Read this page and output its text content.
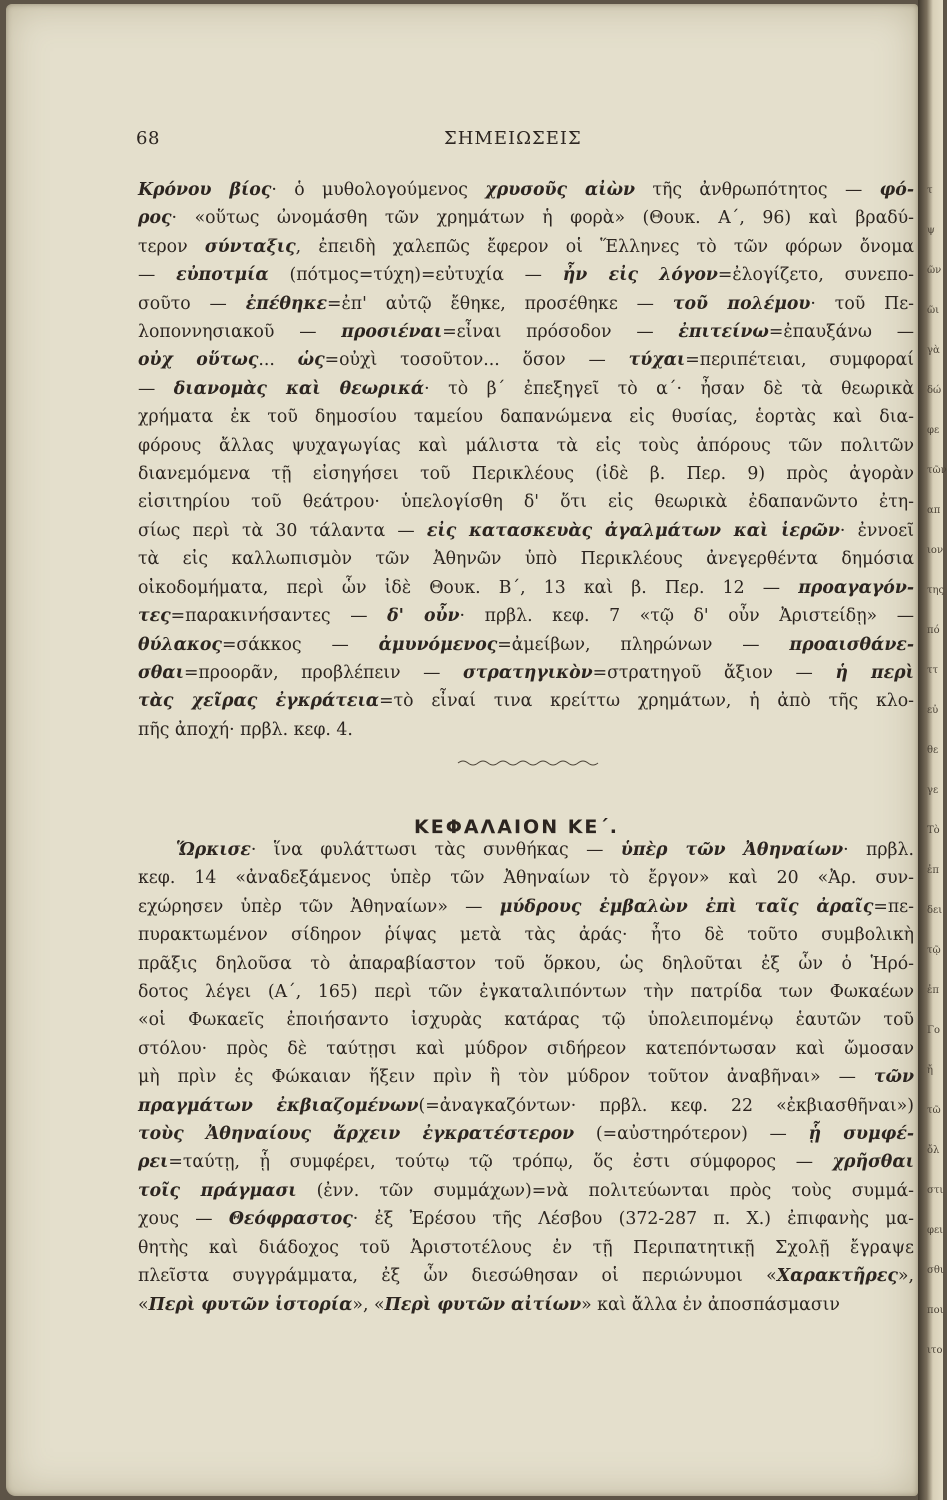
68	ΣΗΜΕΙΩΣΕΙΣ
Κρόνου βίος· ὁ μυθολογούμενος χρυσοῦς αἰὼν τῆς ἀνθρωπότητος — φό-
ρος· «οὕτως ὠνομάσθη τῶν χρημάτων ἡ φορὰ» (Θουκ. Α΄, 96) καὶ βραδύ-
τερον σύνταξις, ἐπειδὴ χαλεπῶς ἔφερον οἱ Ἕλληνες τὸ τῶν φόρων ὄνομα
— εὐποτμία (πότμος=τύχη)=εὐτυχία — ἦν εἰς λόγον=ἐλογίζετο, συνεπο-
σοῦτο — ἐπέθηκε=ἐπ' αὐτῷ ἔθηκε, προσέθηκε — τοῦ πολέμου· τοῦ Πε-
λοποννησιακοῦ — προσιέναι=εἶναι πρόσοδον — ἐπιτείνω=ἐπαυξάνω —
οὐχ οὕτως... ὡς=οὐχὶ τοσοῦτον... ὅσον — τύχαι=περιπέτειαι, συμφοραί
— διανομὰς καὶ θεωρικά· τὸ β΄ ἐπεξηγεῖ τὸ α΄· ἦσαν δὲ τὰ θεωρικὰ
χρήματα ἐκ τοῦ δημοσίου ταμείου δαπανώμενα εἰς θυσίας, ἑορτὰς καὶ δια-
φόρους ἄλλας ψυχαγωγίας καὶ μάλιστα τὰ εἰς τοὺς ἀπόρους τῶν πολιτῶν
διανεμόμενα τῇ εἰσηγήσει τοῦ Περικλέους (ἰδὲ β. Περ. 9) πρὸς ἀγορὰν
εἰσιτηρίου τοῦ θεάτρου· ὑπελογίσθη δ' ὅτι εἰς θεωρικὰ ἐδαπανῶντο ἐτη-
σίως περὶ τὰ 30 τάλαντα — εἰς κατασκευὰς ἀγαλμάτων καὶ ἱερῶν· ἐννοεῖ
τὰ εἰς καλλωπισμὸν τῶν Ἀθηνῶν ὑπὸ Περικλέους ἀνεγερθέντα δημόσια
οἰκοδομήματα, περὶ ὧν ἰδὲ Θουκ. Β΄, 13 καὶ β. Περ. 12 — προαγαγόν-
τες=παρακινήσαντες — δ' οὖν· πρβλ. κεφ. 7 «τῷ δ' οὖν Ἀριστείδῃ» —
θύλακος=σάκκος — ἀμυνόμενος=ἀμείβων, πληρώνων — προαισθάνε-
σθαι=προορᾶν, προβλέπειν — στρατηγικὸν=στρατηγοῦ ἄξιον — ἡ περὶ
τὰς χεῖρας ἐγκράτεια=τὸ εἶναί τινα κρείττω χρημάτων, ἡ ἀπὸ τῆς κλο-
πῆς ἀποχή· πρβλ. κεφ. 4.
ΚΕΦΑΛΑΙΟΝ ΚΕ΄.
Ὥρκισε· ἵνα φυλάττωσι τὰς συνθήκας — ὑπὲρ τῶν Ἀθηναίων· πρβλ.
κεφ. 14 «ἀναδεξάμενος ὑπὲρ τῶν Ἀθηναίων τὸ ἔργον» καὶ 20 «Ἀρ. συν-
εχώρησεν ὑπὲρ τῶν Ἀθηναίων» — μύδρους ἐμβαλὼν ἐπὶ ταῖς ἀραῖς=πε-
πυρακτωμένον σίδηρον ῥίψας μετὰ τὰς ἀράς· ἦτο δὲ τοῦτο συμβολικὴ
πρᾶξις δηλοῦσα τὸ ἀπαραβίαστον τοῦ ὅρκου, ὡς δηλοῦται ἐξ ὧν ὁ Ἡρό-
δοτος λέγει (Α΄, 165) περὶ τῶν ἐγκαταλιπόντων τὴν πατρίδα των Φωκαέων
«οἱ Φωκαεῖς ἐποιήσαντο ἰσχυρὰς κατάρας τῷ ὑπολειπομένῳ ἑαυτῶν τοῦ
στόλου· πρὸς δὲ ταύτῃσι καὶ μύδρον σιδήρεον κατεπόντωσαν καὶ ὤμοσαν
μὴ πρὶν ἐς Φώκαιαν ἥξειν πρὶν ἢ τὸν μύδρον τοῦτον ἀναβῆναι» — τῶν
πραγμάτων ἐκβιαζομένων(=ἀναγκαζόντων· πρβλ. κεφ. 22 «ἐκβιασθῆναι»)
τοὺς Ἀθηναίους ἄρχειν ἐγκρατέστερον (=αὐστηρότερον) — ᾗ συμφέ-
ρει=ταύτῃ, ᾗ συμφέρει, τούτῳ τῷ τρόπῳ, ὅς ἐστι σύμφορος — χρῆσθαι
τοῖς πράγμασι (ἐνν. τῶν συμμάχων)=νὰ πολιτεύωνται πρὸς τοὺς συμμά-
χους — Θεόφραστος· ἐξ Ἐρέσου τῆς Λέσβου (372-287 π. Χ.) ἐπιφανὴς μα-
θητὴς καὶ διάδοχος τοῦ Ἀριστοτέλους ἐν τῇ Περιπατητικῇ Σχολῇ ἔγραψε
πλεῖστα συγγράμματα, ἐξ ὧν διεσώθησαν οἱ περιώνυμοι «Χαρακτῆρες»,
«Περὶ φυτῶν ἱστορία», «Περὶ φυτῶν αἰτίων» καὶ ἄλλα ἐν ἀποσπάσμασιν
τ
ψ
ῶν
ῶι
γὰ
δώ
φε
τῶν
απ
ιον
της
πό
ττ
εὐ
θε
γε
Τὸ
ἐπ
δει
τῷ
ἐπ
Γο
ἤ
τῶ
ὄλ
στι
φει
σθι
ποι
ιτο
